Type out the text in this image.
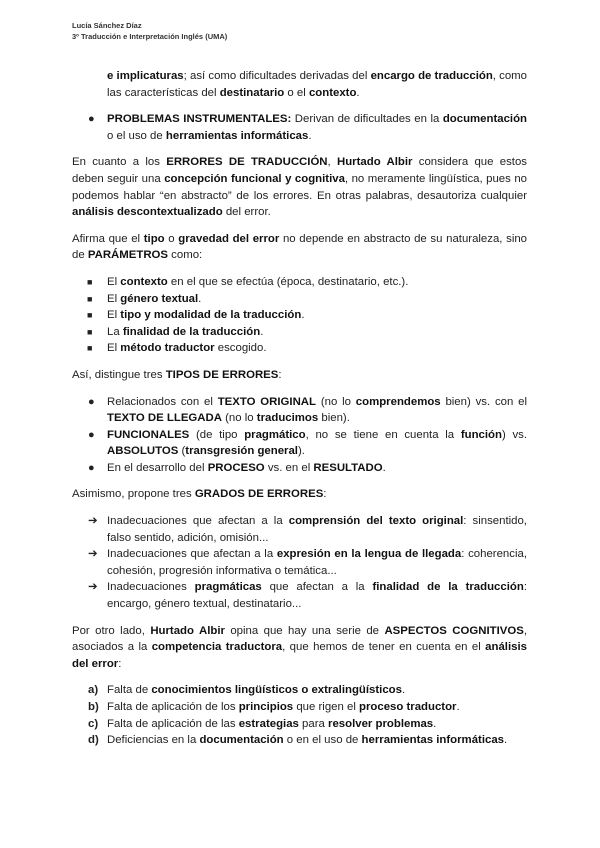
Lucía Sánchez Díaz
3º Traducción e Interpretación Inglés (UMA)

e implicaturas; así como dificultades derivadas del encargo de traducción, como las características del destinatario o el contexto.

● PROBLEMAS INSTRUMENTALES: Derivan de dificultades en la documentación o el uso de herramientas informáticas.

En cuanto a los ERRORES DE TRADUCCIÓN, Hurtado Albir considera que estos deben seguir una concepción funcional y cognitiva, no meramente lingüística, pues no podemos hablar “en abstracto” de los errores. En otras palabras, desautoriza cualquier análisis descontextualizado del error.

Afirma que el tipo o gravedad del error no depende en abstracto de su naturaleza, sino de PARÁMETROS como:

■ El contexto en el que se efectúa (época, destinatario, etc.).
■ El género textual.
■ El tipo y modalidad de la traducción.
■ La finalidad de la traducción.
■ El método traductor escogido.

Así, distingue tres TIPOS DE ERRORES:

● Relacionados con el TEXTO ORIGINAL (no lo comprendemos bien) vs. con el TEXTO DE LLEGADA (no lo traducimos bien).
● FUNCIONALES (de tipo pragmático, no se tiene en cuenta la función) vs. ABSOLUTOS (transgresión general).
● En el desarrollo del PROCESO vs. en el RESULTADO.

Asimismo, propone tres GRADOS DE ERRORES:

➔ Inadecuaciones que afectan a la comprensión del texto original: sinsentido, falso sentido, adición, omisión...
➔ Inadecuaciones que afectan a la expresión en la lengua de llegada: coherencia, cohesión, progresión informativa o temática...
➔ Inadecuaciones pragmáticas que afectan a la finalidad de la traducción: encargo, género textual, destinatario...

Por otro lado, Hurtado Albir opina que hay una serie de ASPECTOS COGNITIVOS, asociados a la competencia traductora, que hemos de tener en cuenta en el análisis del error:

a) Falta de conocimientos lingüísticos o extralingüísticos.
b) Falta de aplicación de los principios que rigen el proceso traductor.
c) Falta de aplicación de las estrategias para resolver problemas.
d) Deficiencias en la documentación o en el uso de herramientas informáticas.
